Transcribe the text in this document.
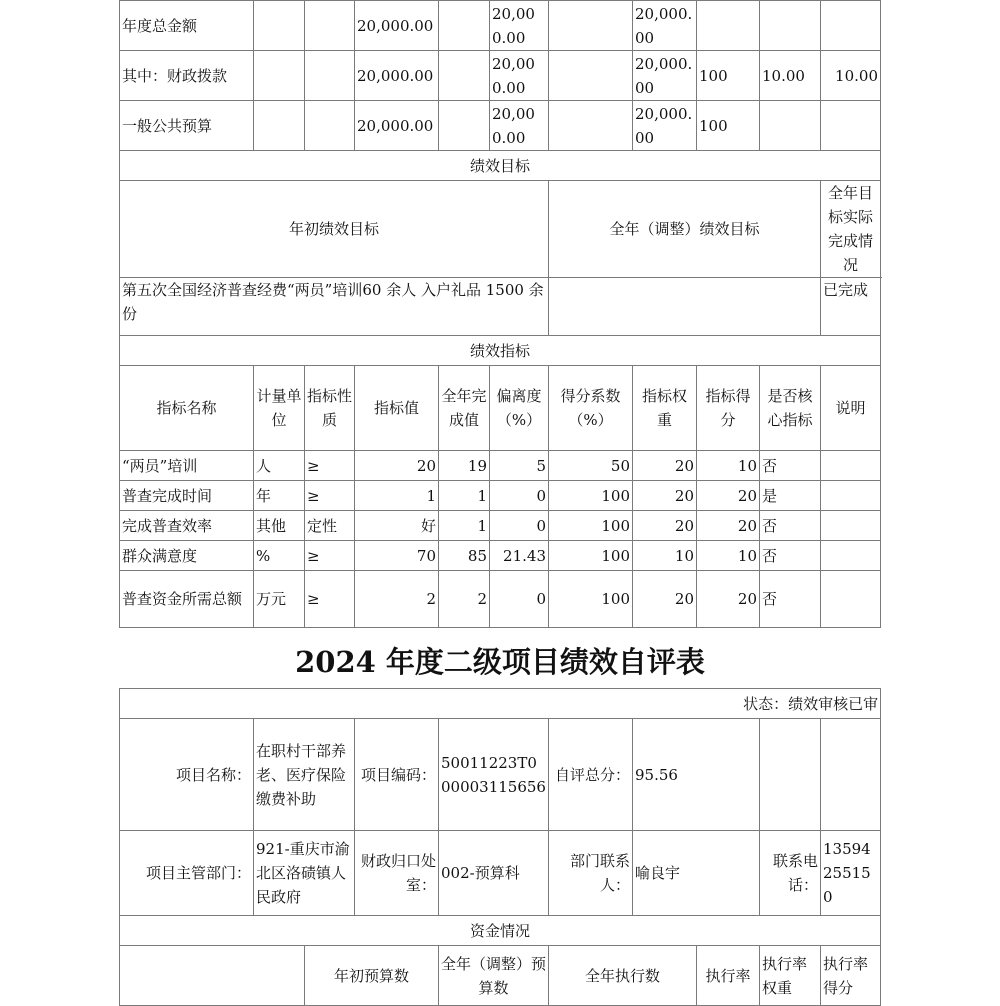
年度总金额			20,000.00		20,000.00		20,000.00			
其中：财政拨款			20,000.00		20,000.00		20,000.00	100	10.00	10.00
一般公共预算			20,000.00		20,000.00		20,000.00	100		
绩效目标										
年初绩效目标						全年（调整）绩效目标				全年目标实际完成情况
第五次全国经济普查经费“两员”培训60 余人 入户礼品 1500 余份										已完成
绩效指标										
指标名称	计量单位	指标性质	指标值	全年完成值	偏离度（%）	得分系数（%）	指标权重	指标得分	是否核心指标	说明
“两员”培训	人	≥	20	19	5	50	20	10	否	
普查完成时间	年	≥	1	1	0	100	20	20	是	
完成普查效率	其他	定性	好	1	0	100	20	20	否	
群众满意度	%	≥	70	85	21.43	100	10	10	否	
普查资金所需总额	万元	≥	2	2	0	100	20	20	否	
2024 年度二级项目绩效自评表
状态：绩效审核已审									
项目名称：	在职村干部养老、医疗保险缴费补助		项目编码：	50011223T000003115656	自评总分：	95.56			
项目主管部门：	921-重庆市渝北区洛碛镇人民政府		财政归口处室：	002-预算科	部门联系人：	喻良宇		联系电话：	13594255150
资金情况									
		年初预算数		全年（调整）预算数	全年执行数		执行率	执行率权重	执行率得分
